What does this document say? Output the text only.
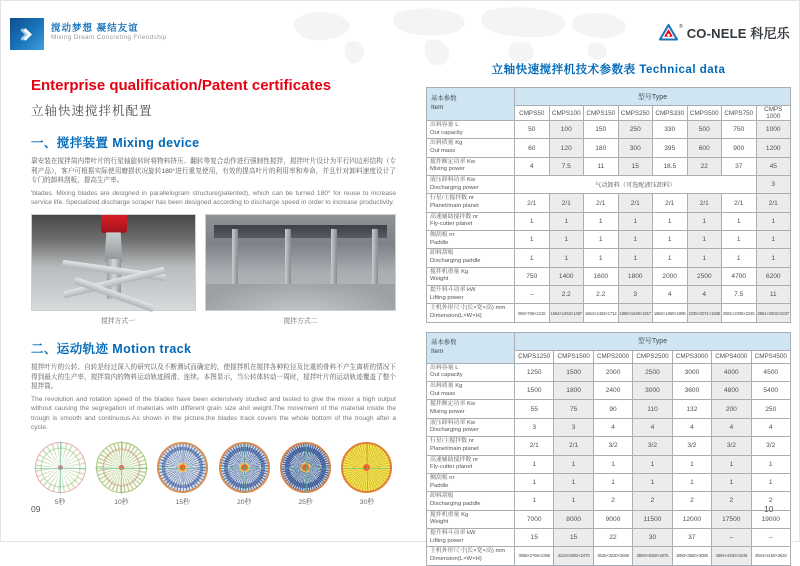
搅动梦想 凝结友谊
Mixing Dream Concreting Friendship
® CO-NELE 科尼乐
Enterprise qualification/Patent certificates
立轴快速搅拌机配置
一、搅拌装置 Mixing device
靠安装在搅拌筒内带叶片的行星轴旋转时将物料挤压、翻转等复合动作进行强制性搅拌，搅拌叶片设计为平行四边形结构（专利产品），客户可根据实际使用磨损状况旋转180°进行重复使用，有效的提高叶片的利用率和寿命，并且针对卸料速度设计了专门的卸料刮板，提高生产率。
'blades. Mixing blades are designed in parallelogram structure(patented), which can be turned 180° for reuse to increase service life. Specialized discharge scraper has been designed according to discharge speed in order to increase productivity.
搅拌方式一	搅拌方式二
二、运动轨迹 Motion track
搅拌叶片的公转、自转是经过深入的研究以及不断测试而确定的，使搅拌机在搅拌各种粒径及比重的骨料不产生离析的情况下得到最大的生产率，搅拌筒内的物料运动轨迹圆滑、连续。本图显示，当公转体转动一周时，搅拌叶片的运动轨迹覆盖了整个搅拌筒。
The revolution and rotation speed of the blades have been extensively studied and tested to give the mixer a high output without causing the segregation of materials with different grain size and weight.The movement of the material inside the trough is smooth and continuous.As shown in the picture,the blades track covers the whole bottom of the trough after a cycle.
5秒	10秒	15秒	20秒	25秒	30秒
立轴快速搅拌机技术参数表 Technical data
基本参数
Item	型号Type							
	CMPS50	CMPS100	CMPS150	CMPS250	CMPS330	CMPS500	CMPS750	CMPS 1000
出料容量 L
Out capacity	50	100	150	250	330	500	750	1000
出料质量 Kg
Out mass	60	120	180	300	395	600	900	1200
搅拌额定功率 Kw
Mixing power	4	7.5	11	15	18.5	22	37	45
液压卸料功率 Kw
Discharging power	气动卸料（可选配液压卸料）							3
行星/主搅拌数 nr
Planet/main planet	2/1	2/1	2/1	2/1	2/1	2/1	2/1	2/1
高速辅助搅拌数 nr
Fly-cutter planet	1	1	1	1	1	1	1	1
侧刮板 nr
Paddle	1	1	1	1	1	1	1	1
卸料刮板
Discharging paddle	1	1	1	1	1	1	1	1
搅拌机重量 Kg
Weight	750	1400	1600	1800	2000	2500	4700	6200
提升料斗功率 kW
Lifting power	–	2.2	2.2	3	4	4	7.5	11
主机外形尺寸(长×宽×高) mm
Dimension(L×W×H)	950×786×1215	1664×1453×1487	1664×1453×1712	1856×1648×1817	1862×1850×1895	2235×2071×1935	2581×2336×2245	2861×2602×2237
基本参数
Item	型号Type						
	CMPS1250	CMPS1500	CMPS2000	CMPS2500	CMPS3000	CMPS4000	CMPS4500
出料容量 L
Out capacity	1250	1500	2000	2500	3000	4000	4500
出料质量 Kg
Out mass	1500	1800	2400	3000	3600	4800	5400
搅拌额定功率 Kw
Mixing power	55	75	90	110	132	200	250
液压卸料功率 Kw
Discharging power	3	3	4	4	4	4	4
行星/主搅拌数 nr
Planet/main planet	2/1	2/1	3/2	3/2	3/2	3/2	3/2
高速辅助搅拌数 nr
Fly-cutter planet	1	1	1	1	1	1	1
侧刮板 nr
Paddle	1	1	1	1	1	1	1
卸料刮板
Discharging paddle	1	1	2	2	2	2	2
搅拌机重量 Kg
Weight	7000	8000	9000	11500	12000	17500	19000
提升料斗功率 kW
Lifting power	15	15	22	30	37	–	–
主机外形尺寸(长×宽×高) mm
Dimension(L×W×H)	3058×2756×2395	3223×2902×2470	3625×3230×2695	3893×3550×2875	3893×3550×3085	4594×4150×3249	4594×4150×3634
09	10
